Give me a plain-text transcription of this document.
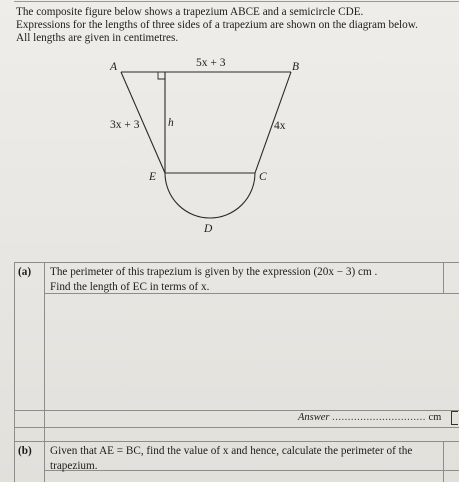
The composite figure below shows a trapezium ABCE and a semicircle CDE.
Expressions for the lengths of three sides of a trapezium are shown on the diagram below.
All lengths are given in centimetres.
A	B
E	C
D
5x + 3
3x + 3 h	4x
(a) The perimeter of this trapezium is given by the expression (20x − 3) cm .
Find the length of EC in terms of x.
Answer .............................. cm
(b) Given that AE = BC, find the value of x and hence, calculate the perimeter of the
trapezium.
